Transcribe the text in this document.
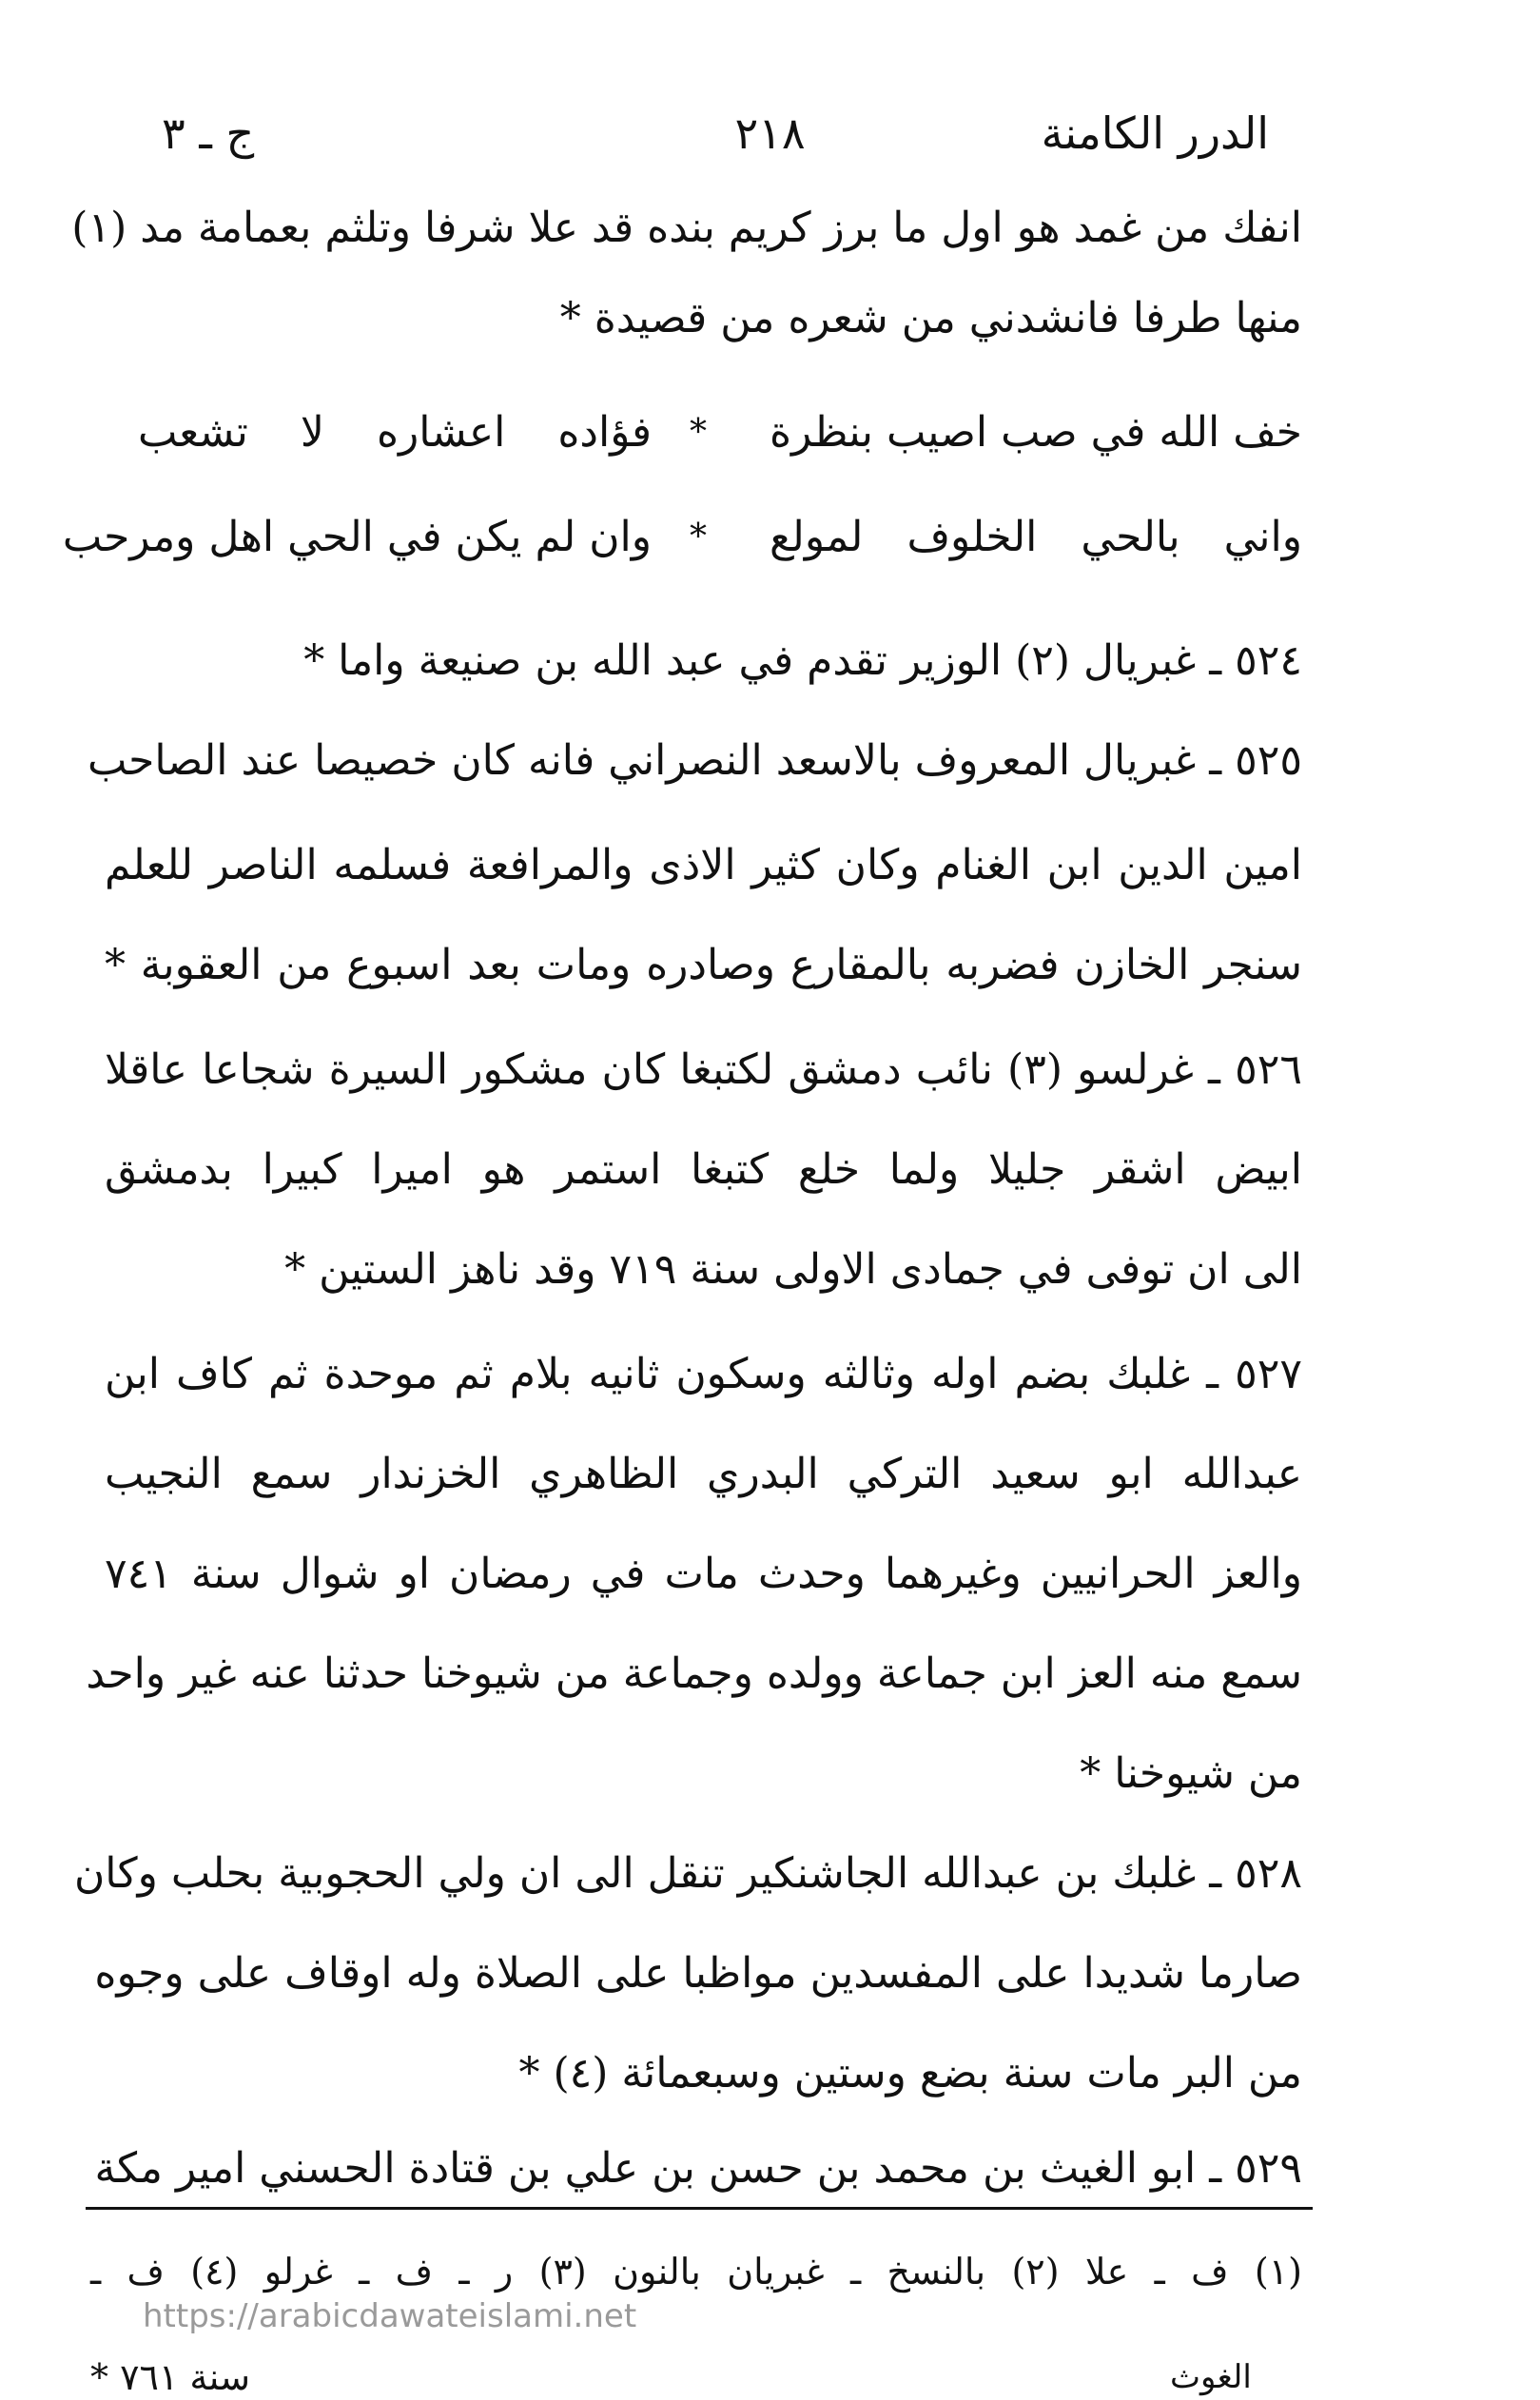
الدرر الكامنة
٢١٨
ج ـ ٣
انفك من غمد هو اول ما برز كريم بنده قد علا شرفا وتلثم بعمامة مد (١)
منها طرفا فانشدني من شعره من قصيدة *
خف الله في صب اصيب بنظرة
*
فؤاده اعشاره لا تشعب
واني بالحي الخلوف لمولع
*
وان لم يكن في الحي اهل ومرحب
٥٢٤ ـ غبريال (٢) الوزير تقدم في عبد الله بن صنيعة واما *
٥٢٥ ـ غبريال المعروف بالاسعد النصراني فانه كان خصيصا عند الصاحب
امين الدين ابن الغنام وكان كثير الاذى والمرافعة فسلمه الناصر للعلم
سنجر الخازن فضربه بالمقارع وصادره ومات بعد اسبوع من العقوبة *
٥٢٦ ـ غرلسو (٣) نائب دمشق لكتبغا كان مشكور السيرة شجاعا عاقلا
ابيض اشقر جليلا ولما خلع كتبغا استمر هو اميرا كبيرا بدمشق
الى ان توفى في جمادى الاولى سنة ٧١٩ وقد ناهز الستين *
٥٢٧ ـ غلبك بضم اوله وثالثه وسكون ثانيه بلام ثم موحدة ثم كاف ابن
عبدالله ابو سعيد التركي البدري الظاهري الخزندار سمع النجيب
والعز الحرانيين وغيرهما وحدث مات في رمضان او شوال سنة ٧٤١
سمع منه العز ابن جماعة وولده وجماعة من شيوخنا حدثنا عنه غير واحد
من شيوخنا *
٥٢٨ ـ غلبك بن عبدالله الجاشنكير تنقل الى ان ولي الحجوبية بحلب وكان
صارما شديدا على المفسدين مواظبا على الصلاة وله اوقاف على وجوه
من البر مات سنة بضع وستين وسبعمائة (٤) *
٥٢٩ ـ ابو الغيث بن محمد بن حسن بن علي بن قتادة الحسني امير مكة
(١) ف ـ علا (٢) بالنسخ ـ غبريان بالنون (٣) ر ـ ف ـ غرلو (٤) ف ـ
https://arabicdawateislami.net
سنة ٧٦١ *	الغوث
